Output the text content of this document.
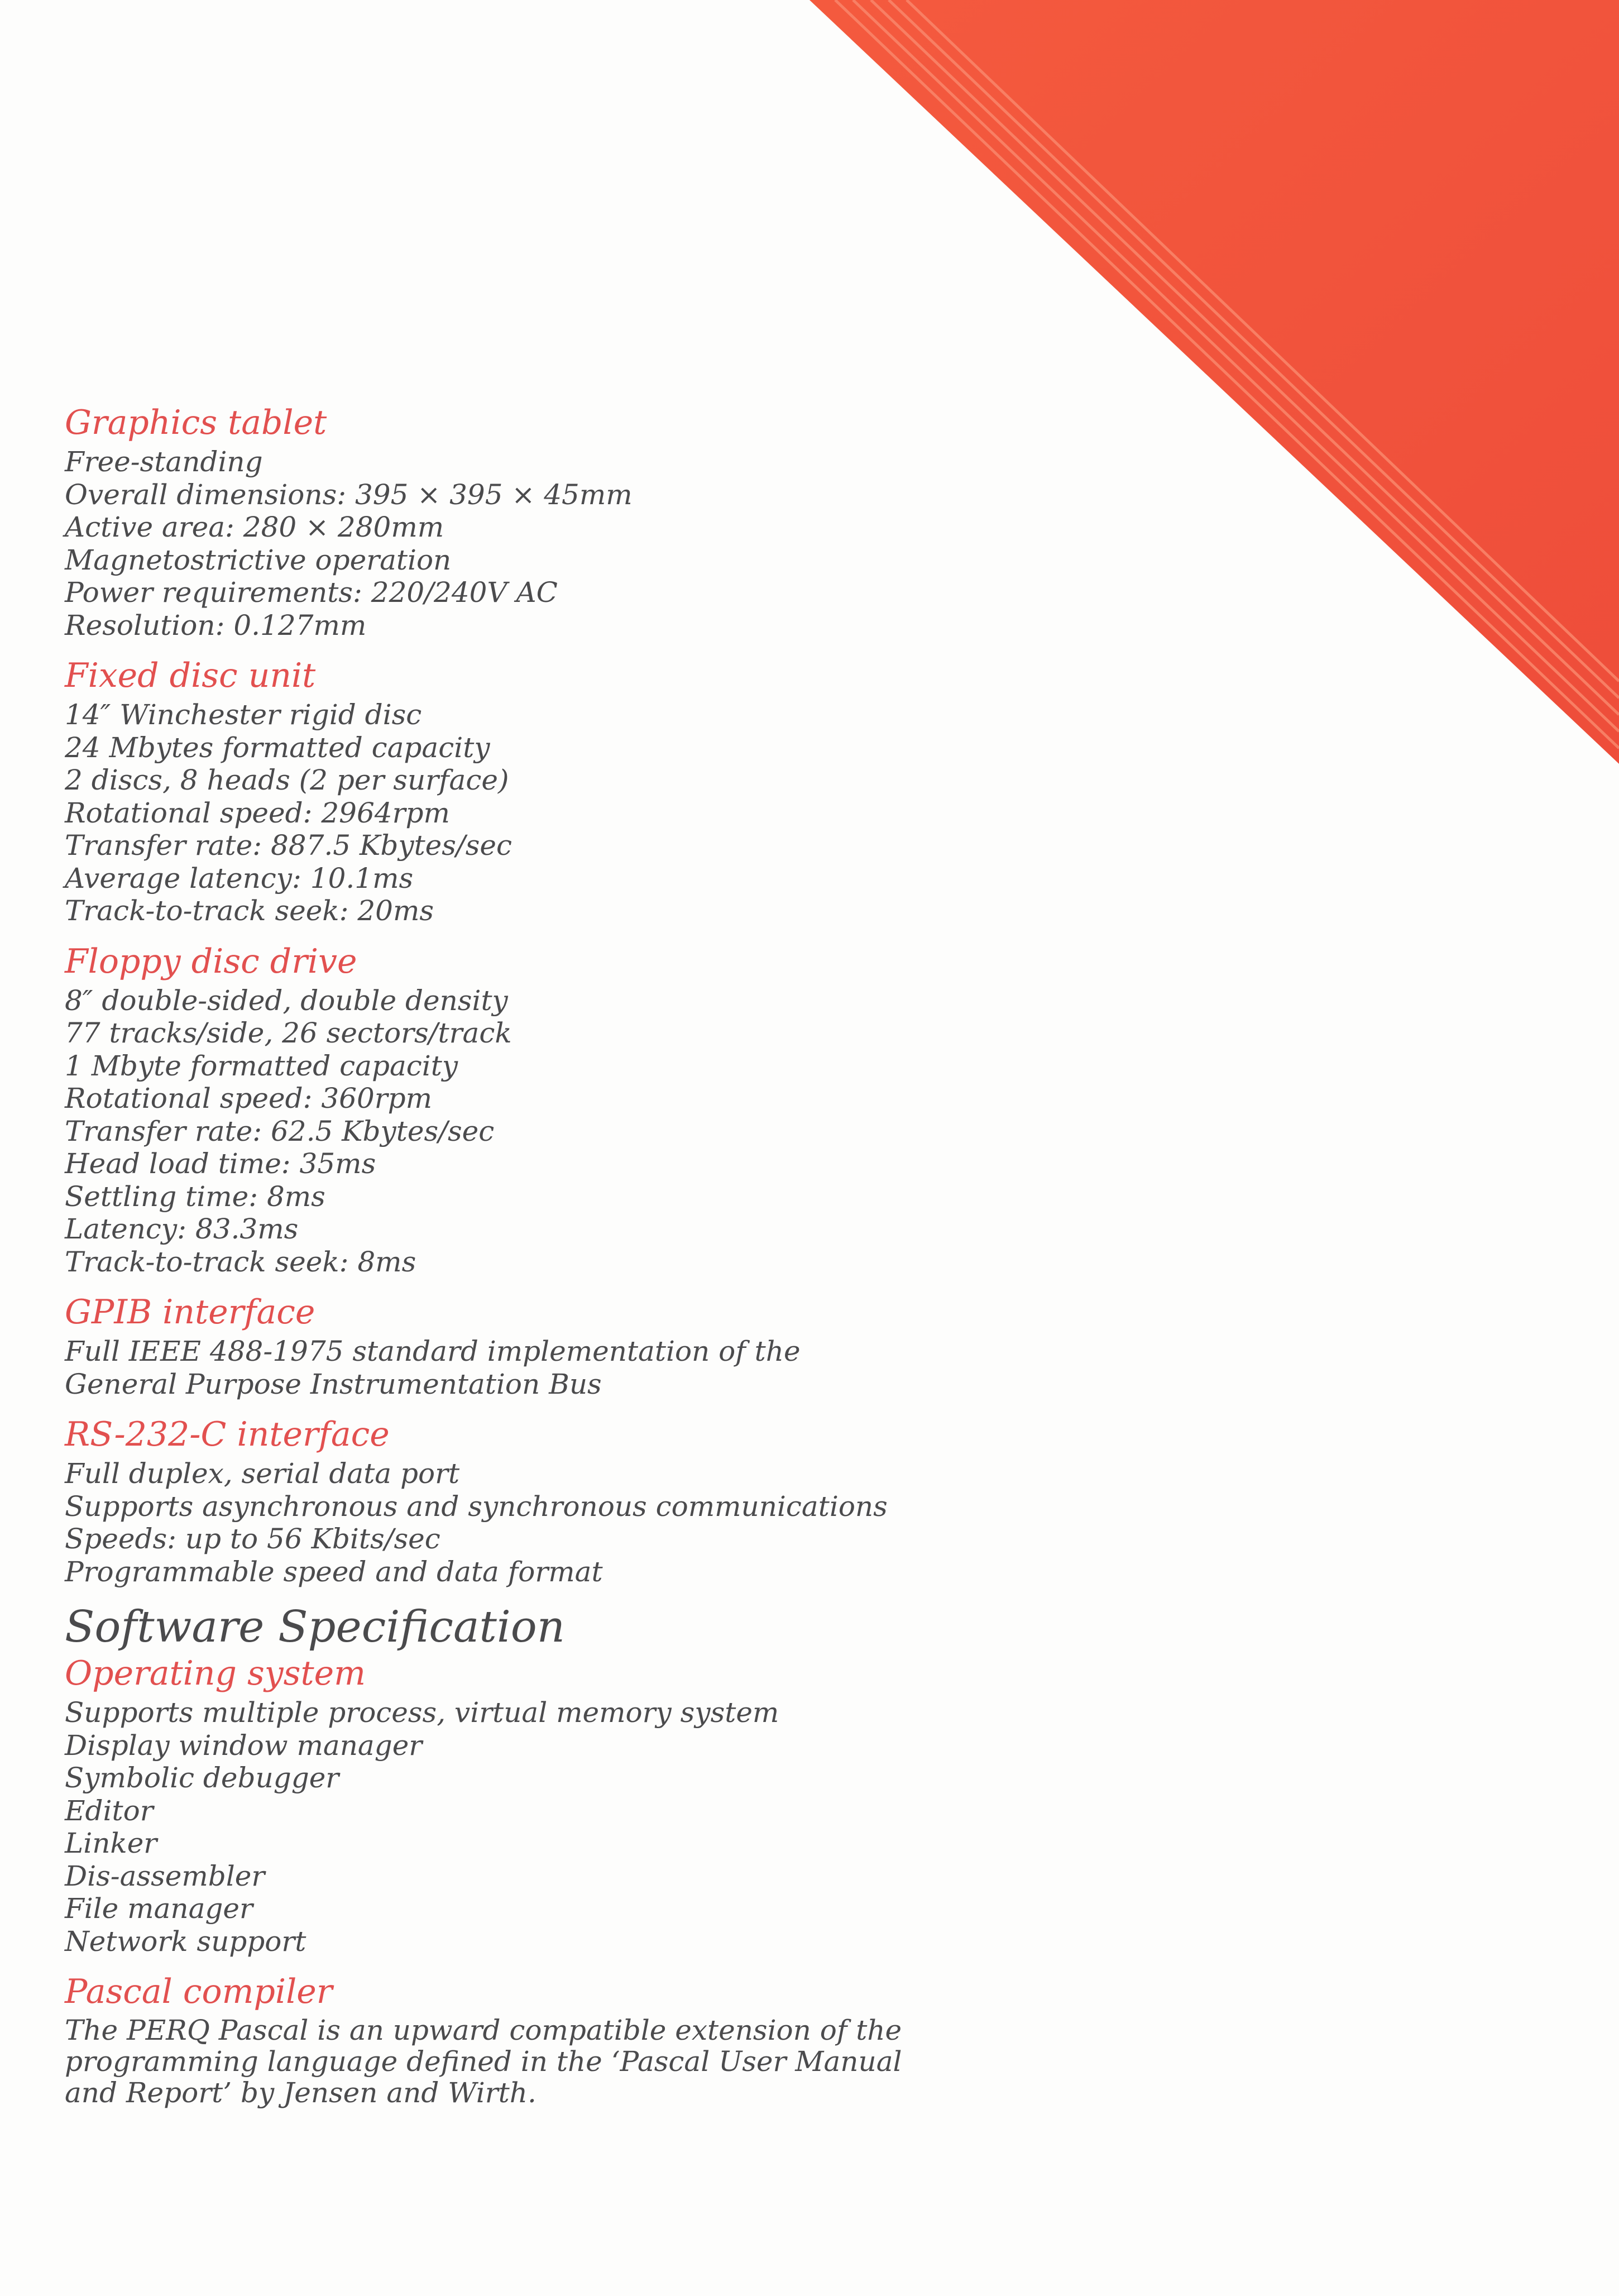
Graphics tablet

Free-standing

Overall dimensions: 395 × 395 × 45mm

Active area: 280 × 280mm

Magnetostrictive operation

Power requirements: 220/240V AC

Resolution: 0.127mm

Fixed disc unit

14″ Winchester rigid disc

24 Mbytes formatted capacity

2 discs, 8 heads (2 per surface)

Rotational speed: 2964rpm

Transfer rate: 887.5 Kbytes/sec

Average latency: 10.1ms

Track-to-track seek: 20ms

Floppy disc drive

8″ double-sided, double density

77 tracks/side, 26 sectors/track

1 Mbyte formatted capacity

Rotational speed: 360rpm

Transfer rate: 62.5 Kbytes/sec

Head load time: 35ms

Settling time: 8ms

Latency: 83.3ms

Track-to-track seek: 8ms

GPIB interface

Full IEEE 488-1975 standard implementation of the

General Purpose Instrumentation Bus

RS-232-C interface

Full duplex, serial data port

Supports asynchronous and synchronous communications

Speeds: up to 56 Kbits/sec

Programmable speed and data format

Software Specification
Operating system

Supports multiple process, virtual memory system

Display window manager

Symbolic debugger

Editor

Linker

Dis-assembler

File manager

Network support

Pascal compiler

The PERQ Pascal is an upward compatible extension of the

programming language defined in the ‘Pascal User Manual

and Report’ by Jensen and Wirth.
